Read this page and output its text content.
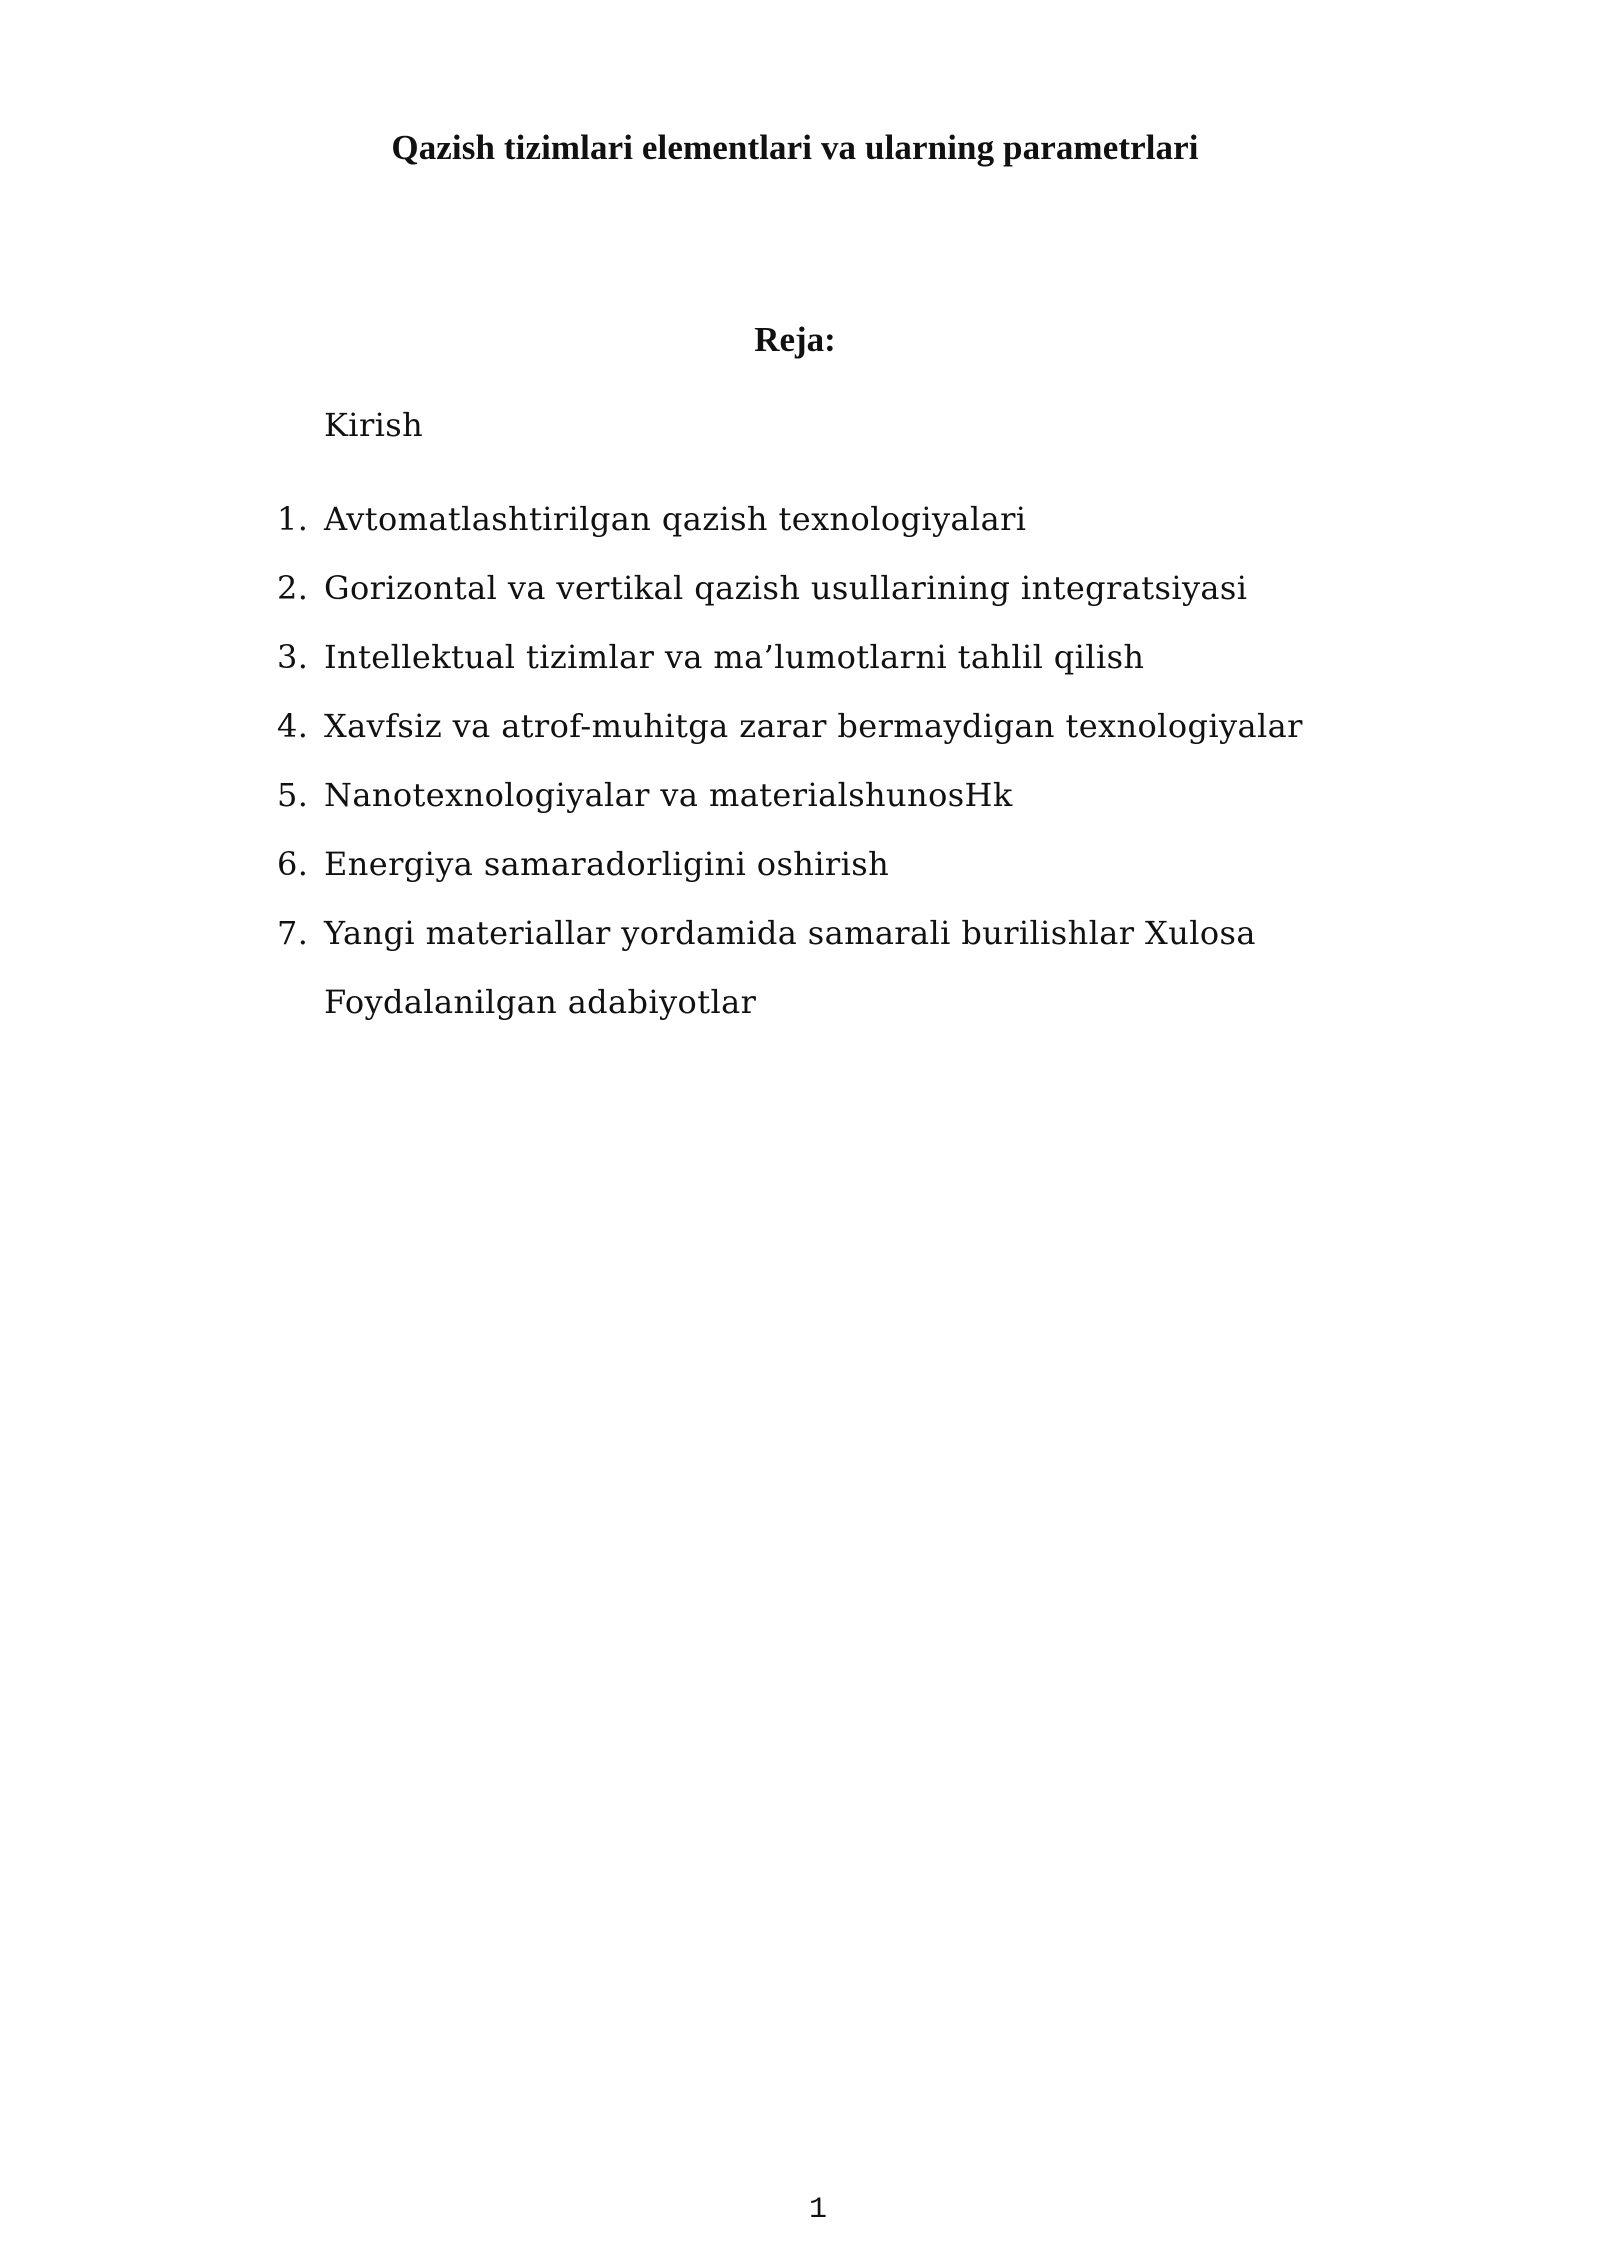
Qazish tizimlari elementlari va ularning parametrlari
Reja:
Kirish
1. Avtomatlashtirilgan qazish texnologiyalari
2. Gorizontal va vertikal qazish usullarining integratsiyasi
3. Intellektual tizimlar va ma’lumotlarni tahlil qilish
4. Xavfsiz va atrof-muhitga zarar bermaydigan texnologiyalar
5. Nanotexnologiyalar va materialshunosHk
6. Energiya samaradorligini oshirish
7. Yangi materiallar yordamida samarali burilishlar Xulosa
Foydalanilgan adabiyotlar
1
